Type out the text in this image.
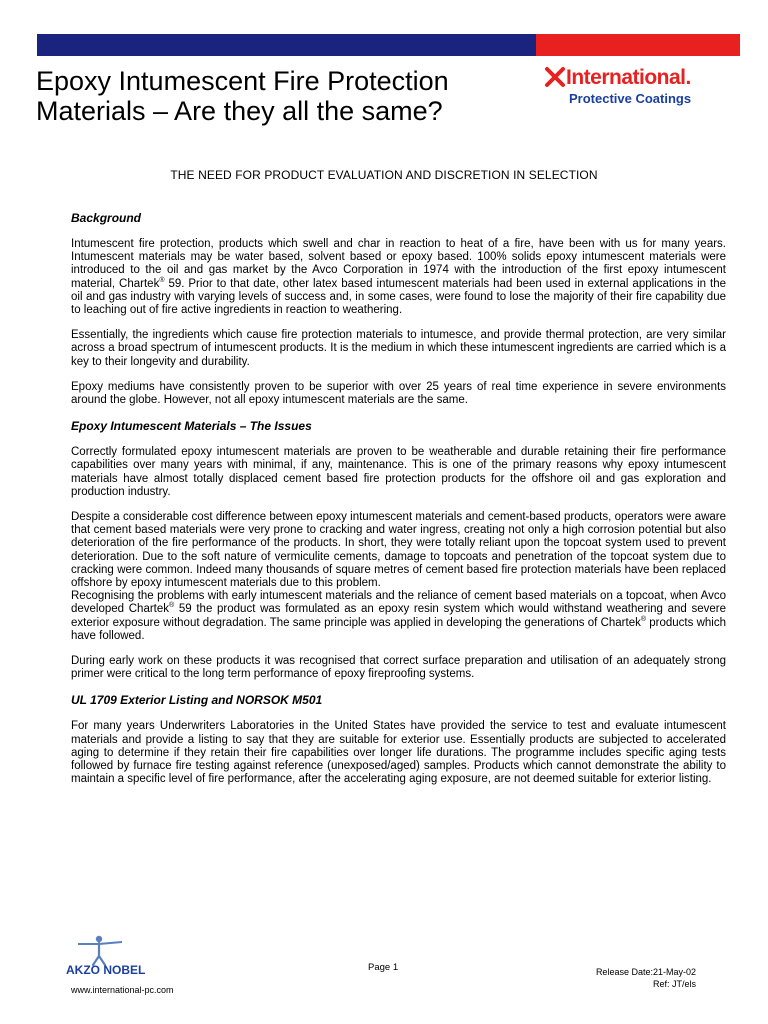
Epoxy Intumescent Fire Protection
Materials – Are they all the same?
International.
Protective Coatings
THE NEED FOR PRODUCT EVALUATION AND DISCRETION IN SELECTION
Background

Intumescent fire protection, products which swell and char in reaction to heat of a fire, have been with us for many years. Intumescent materials may be water based, solvent based or epoxy based. 100% solids epoxy intumescent materials were introduced to the oil and gas market by the Avco Corporation in 1974 with the introduction of the first epoxy intumescent material, Chartek® 59. Prior to that date, other latex based intumescent materials had been used in external applications in the oil and gas industry with varying levels of success and, in some cases, were found to lose the majority of their fire capability due to leaching out of fire active ingredients in reaction to weathering.

Essentially, the ingredients which cause fire protection materials to intumesce, and provide thermal protection, are very similar across a broad spectrum of intumescent products. It is the medium in which these intumescent ingredients are carried which is a key to their longevity and durability.

Epoxy mediums have consistently proven to be superior with over 25 years of real time experience in severe environments around the globe. However, not all epoxy intumescent materials are the same.

Epoxy Intumescent Materials – The Issues

Correctly formulated epoxy intumescent materials are proven to be weatherable and durable retaining their fire performance capabilities over many years with minimal, if any, maintenance. This is one of the primary reasons why epoxy intumescent materials have almost totally displaced cement based fire protection products for the offshore oil and gas exploration and production industry.

Despite a considerable cost difference between epoxy intumescent materials and cement-based products, operators were aware that cement based materials were very prone to cracking and water ingress, creating not only a high corrosion potential but also deterioration of the fire performance of the products. In short, they were totally reliant upon the topcoat system used to prevent deterioration. Due to the soft nature of vermiculite cements, damage to topcoats and penetration of the topcoat system due to cracking were common. Indeed many thousands of square metres of cement based fire protection materials have been replaced offshore by epoxy intumescent materials due to this problem.

Recognising the problems with early intumescent materials and the reliance of cement based materials on a topcoat, when Avco developed Chartek® 59 the product was formulated as an epoxy resin system which would withstand weathering and severe exterior exposure without degradation. The same principle was applied in developing the generations of Chartek® products which have followed.

During early work on these products it was recognised that correct surface preparation and utilisation of an adequately strong primer were critical to the long term performance of epoxy fireproofing systems.

UL 1709 Exterior Listing and NORSOK M501

For many years Underwriters Laboratories in the United States have provided the service to test and evaluate intumescent materials and provide a listing to say that they are suitable for exterior use. Essentially products are subjected to accelerated aging to determine if they retain their fire capabilities over longer life durations. The programme includes specific aging tests followed by furnace fire testing against reference (unexposed/aged) samples. Products which cannot demonstrate the ability to maintain a specific level of fire performance, after the accelerating aging exposure, are not deemed suitable for exterior listing.

AKZO NOBEL
www.international-pc.com
Page 1	Release Date:21-May-02
Ref: JT/els
